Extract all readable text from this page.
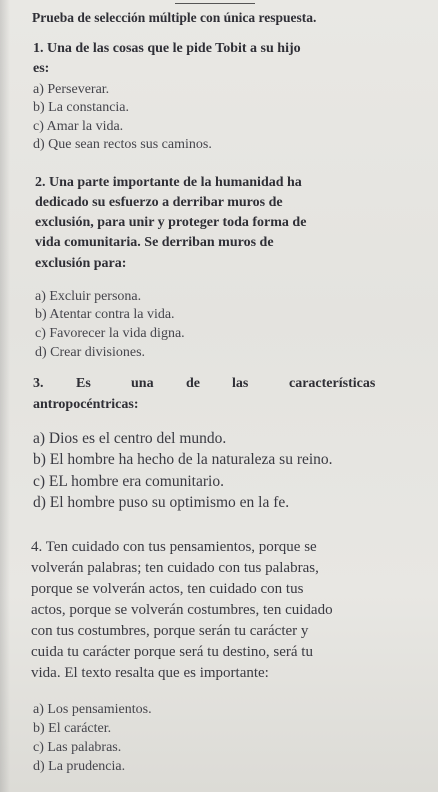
Prueba de selección múltiple con única respuesta.
1. Una de las cosas que le pide Tobit a su hijo
es:
a) Perseverar.
b) La constancia.
c) Amar la vida.
d) Que sean rectos sus caminos.
2. Una parte importante de la humanidad ha
dedicado su esfuerzo a derribar muros de
exclusión, para unir y proteger toda forma de
vida comunitaria. Se derriban muros de
exclusión para:
a) Excluir persona.
b) Atentar contra la vida.
c) Favorecer la vida digna.
d) Crear divisiones.
3. Es	una de las	características
antropocéntricas:
a) Dios es el centro del mundo.
b) El hombre ha hecho de la naturaleza su reino.
c) EL hombre era comunitario.
d) El hombre puso su optimismo en la fe.
4. Ten cuidado con tus pensamientos, porque se
volverán palabras; ten cuidado con tus palabras,
porque se volverán actos, ten cuidado con tus
actos, porque se volverán costumbres, ten cuidado
con tus costumbres, porque serán tu carácter y
cuida tu carácter porque será tu destino, será tu
vida. El texto resalta que es importante:
a) Los pensamientos.
b) El carácter.
c) Las palabras.
d) La prudencia.
